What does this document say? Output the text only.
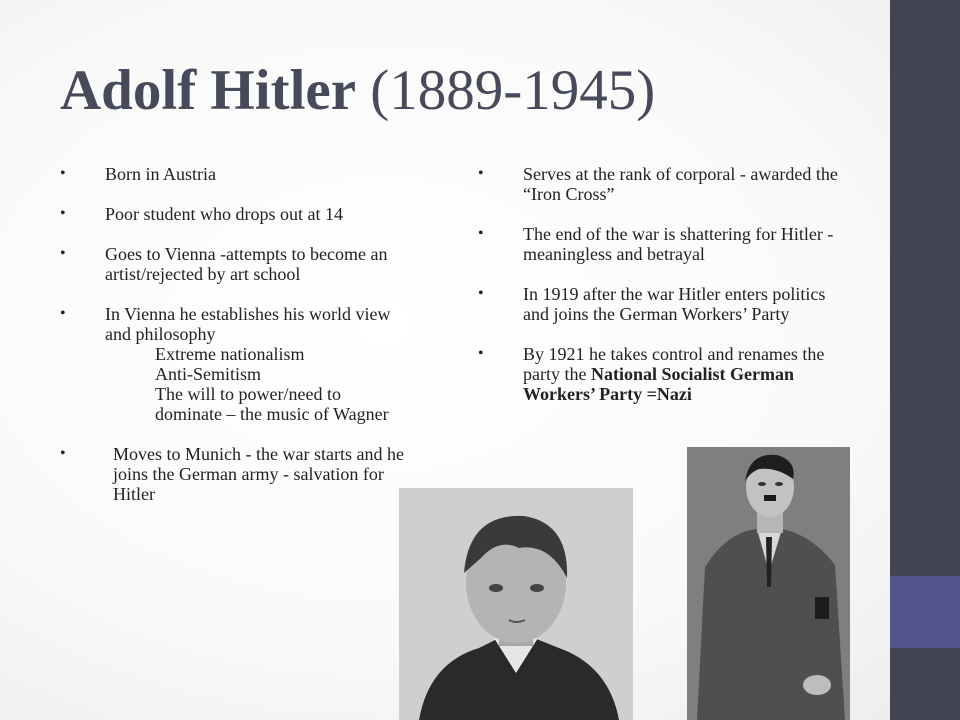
Adolf Hitler (1889-1945)
• Born in Austria
• Poor student who drops out at 14
• Goes to Vienna -attempts to become an artist/rejected by art school
• In Vienna he establishes his world view and philosophy
Extreme nationalism
Anti-Semitism
The will to power/need to dominate – the music of Wagner
• Moves to Munich - the war starts and he joins the German army - salvation for Hitler
• Serves at the rank of corporal - awarded the “Iron Cross”
• The end of the war is shattering for Hitler - meaningless and betrayal
• In 1919 after the war Hitler enters politics and joins the German Workers’ Party
• By 1921 he takes control and renames the party the National Socialist German Workers’ Party =Nazi
